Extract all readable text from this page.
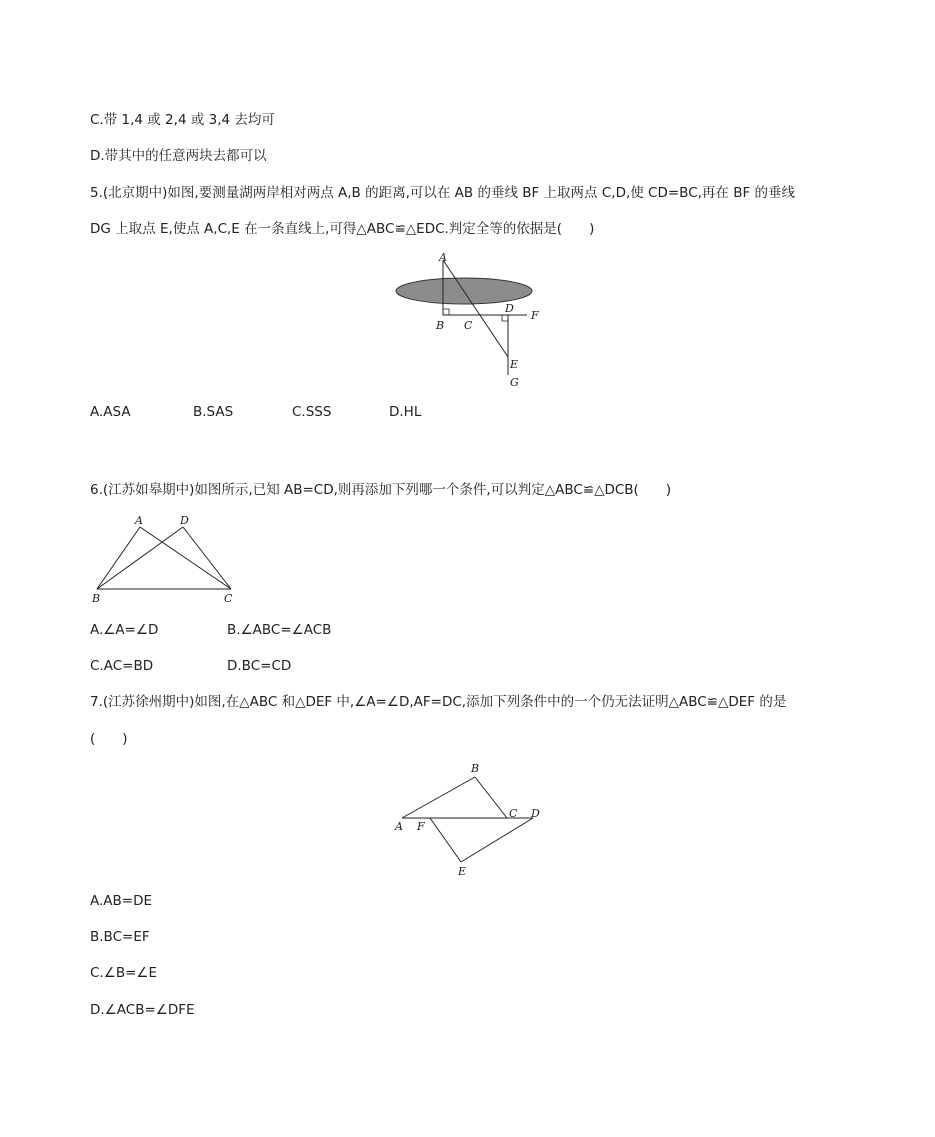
C.带 1,4 或 2,4 或 3,4 去均可
D.带其中的任意两块去都可以
5.(北京期中)如图,要测量湖两岸相对两点 A,B 的距离,可以在 AB 的垂线 BF 上取两点 C,D,使 CD=BC,再在 BF 的垂线
DG 上取点 E,使点 A,C,E 在一条直线上,可得△ABC≌△EDC.判定全等的依据是(　　)
A
B C
D
F
E
G
A.ASA	B.SAS	C.SSS	D.HL
6.(江苏如皋期中)如图所示,已知 AB=CD,则再添加下列哪一个条件,可以判定△ABC≌△DCB(　　)
A	D
B	C
A.∠A=∠D	B.∠ABC=∠ACB
C.AC=BD	D.BC=CD
7.(江苏徐州期中)如图,在△ABC 和△DEF 中,∠A=∠D,AF=DC,添加下列条件中的一个仍无法证明△ABC≌△DEF 的是
(　　)
B
A F
C D
E
A.AB=DE
B.BC=EF
C.∠B=∠E
D.∠ACB=∠DFE
